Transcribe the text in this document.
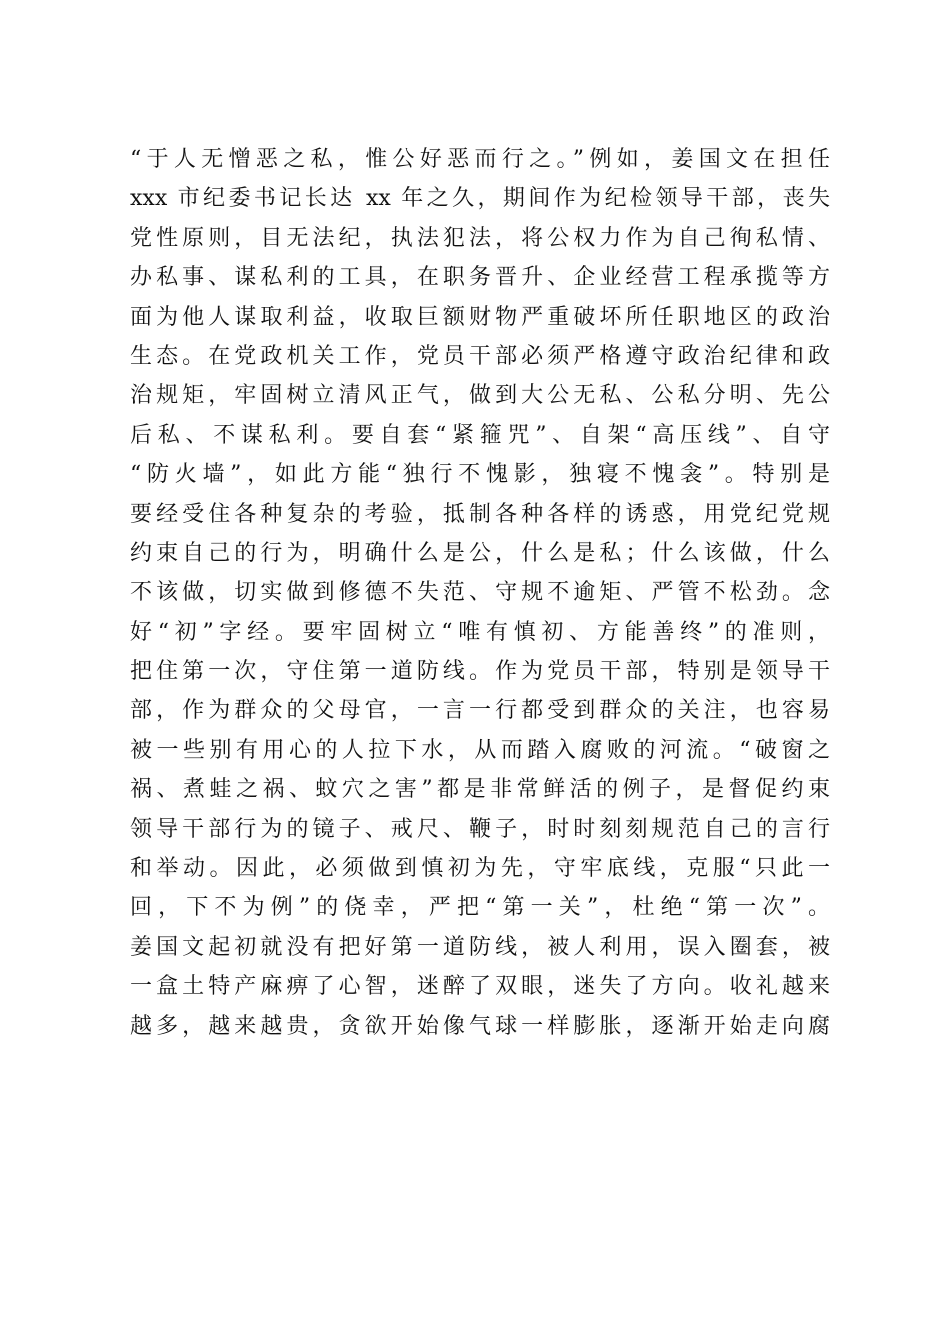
“于人无憎恶之私，惟公好恶而行之。”例如，姜国文在担任
xxx 市纪委书记长达 xx 年之久，期间作为纪检领导干部，丧失
党性原则，目无法纪，执法犯法，将公权力作为自己徇私情、
办私事、谋私利的工具，在职务晋升、企业经营工程承揽等方
面为他人谋取利益，收取巨额财物严重破坏所任职地区的政治
生态。在党政机关工作，党员干部必须严格遵守政治纪律和政
治规矩，牢固树立清风正气，做到大公无私、公私分明、先公
后私、不谋私利。要自套“紧箍咒”、自架“高压线”、自守
“防火墙”，如此方能“独行不愧影，独寝不愧衾”。特别是
要经受住各种复杂的考验，抵制各种各样的诱惑，用党纪党规
约束自己的行为，明确什么是公，什么是私；什么该做，什么
不该做，切实做到修德不失范、守规不逾矩、严管不松劲。念
好“初”字经。要牢固树立“唯有慎初、方能善终”的准则，
把住第一次，守住第一道防线。作为党员干部，特别是领导干
部，作为群众的父母官，一言一行都受到群众的关注，也容易
被一些别有用心的人拉下水，从而踏入腐败的河流。“破窗之
祸、煮蛙之祸、蚊穴之害”都是非常鲜活的例子，是督促约束
领导干部行为的镜子、戒尺、鞭子，时时刻刻规范自己的言行
和举动。因此，必须做到慎初为先，守牢底线，克服“只此一
回，下不为例”的侥幸，严把“第一关”，杜绝“第一次”。
姜国文起初就没有把好第一道防线，被人利用，误入圈套，被
一盒土特产麻痹了心智，迷醉了双眼，迷失了方向。收礼越来
越多，越来越贵，贪欲开始像气球一样膨胀，逐渐开始走向腐
